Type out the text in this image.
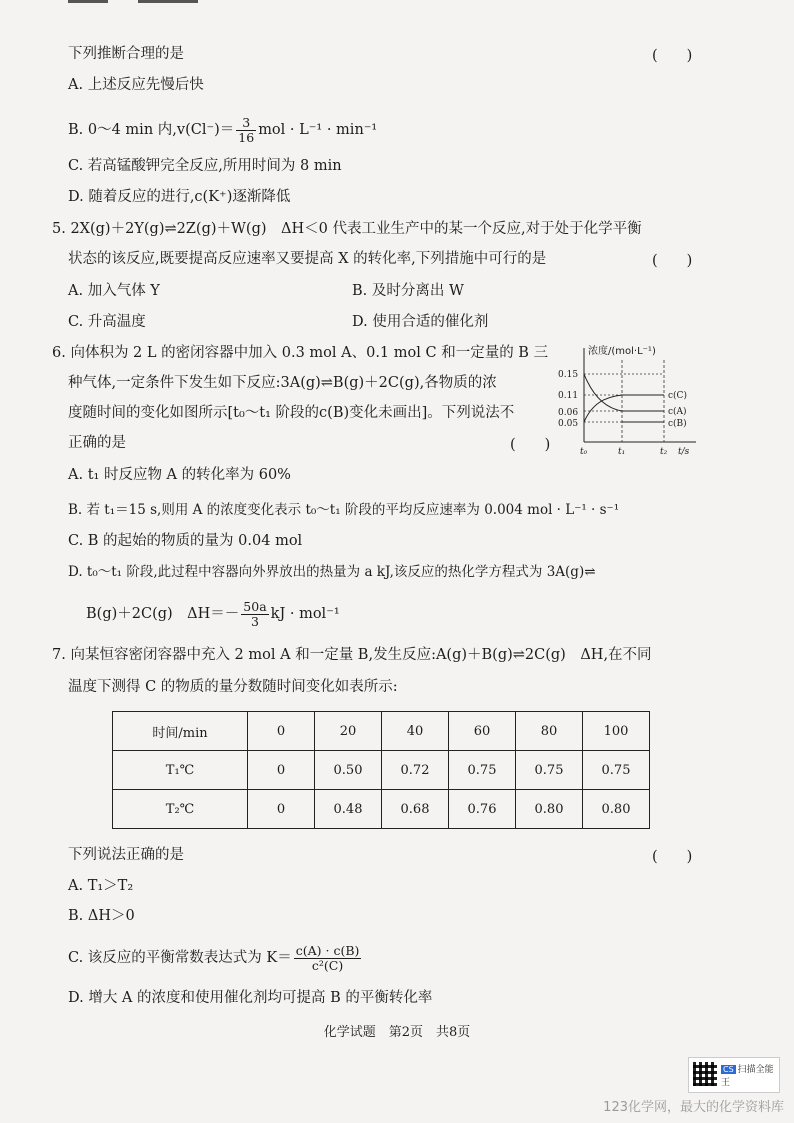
下列推断合理的是	(　　)
A. 上述反应先慢后快
B. 0～4 min 内$,v(Cl^-)= \frac{3}{16}$ mol · L⁻¹ · min⁻¹
C. 若高锰酸钾完全反应,所用时间为 8 min
D. 随着反应的进行,c(K⁺)逐渐降低
5. 2X(g)＋2Y(g)⇌2Z(g)＋W(g)　ΔH＜0 代表工业生产中的某一个反应,对于处于化学平衡
状态的该反应,既要提高反应速率又要提高 X 的转化率,下列措施中可行的是	(　　)
A. 加入气体 Y	B. 及时分离出 W
C. 升高温度	D. 使用合适的催化剂
6. 向体积为 2 L 的密闭容器中加入 0.3 mol A、0.1 mol C 和一定量的 B 三
种气体,一定条件下发生如下反应:3A(g)⇌B(g)＋2C(g),各物质的浓
度随时间的变化如图所示[t₀～t₁ 阶段的c(B)变化未画出]。下列说法不
正确的是	(　　)
浓度/(mol·L⁻¹)
0.15
0.11
0.06
0.05
c(C)
c(A)
c(B)
t₀	t₁	t₂ t/s
A. t₁ 时反应物 A 的转化率为 60%
B. 若 t₁＝15 s,则用 A 的浓度变化表示 t₀～t₁ 阶段的平均反应速率为 0.004 mol · L⁻¹ · s⁻¹
C. B 的起始的物质的量为 0.04 mol
D. t₀～t₁ 阶段,此过程中容器向外界放出的热量为 a kJ,该反应的热化学方程式为 3A(g)⇌
B(g)＋2C(g)　$\Delta H=- \frac{50a}{3}$ kJ · mol⁻¹
7. 向某恒容密闭容器中充入 2 mol A 和一定量 B,发生反应:A(g)＋B(g)⇌2C(g)　ΔH,在不同
温度下测得 C 的物质的量分数随时间变化如表所示:
时间/min	0	20	40	60	80	100
T₁℃	0	0.50	0.72	0.75	0.75	0.75
T₂℃	0	0.48	0.68	0.76	0.80	0.80
下列说法正确的是	(　　)
A. T₁＞T₂
B. ΔH＞0
C. 该反应的平衡常数表达式为 $K= \frac{c(A) \cdot c(B)}{\text{c²(C)}}$
D. 增大 A 的浓度和使用催化剂均可提高 B 的平衡转化率
化学试题　第2页　共8页
CS 扫描全能王
123化学网，最大的化学资料库
